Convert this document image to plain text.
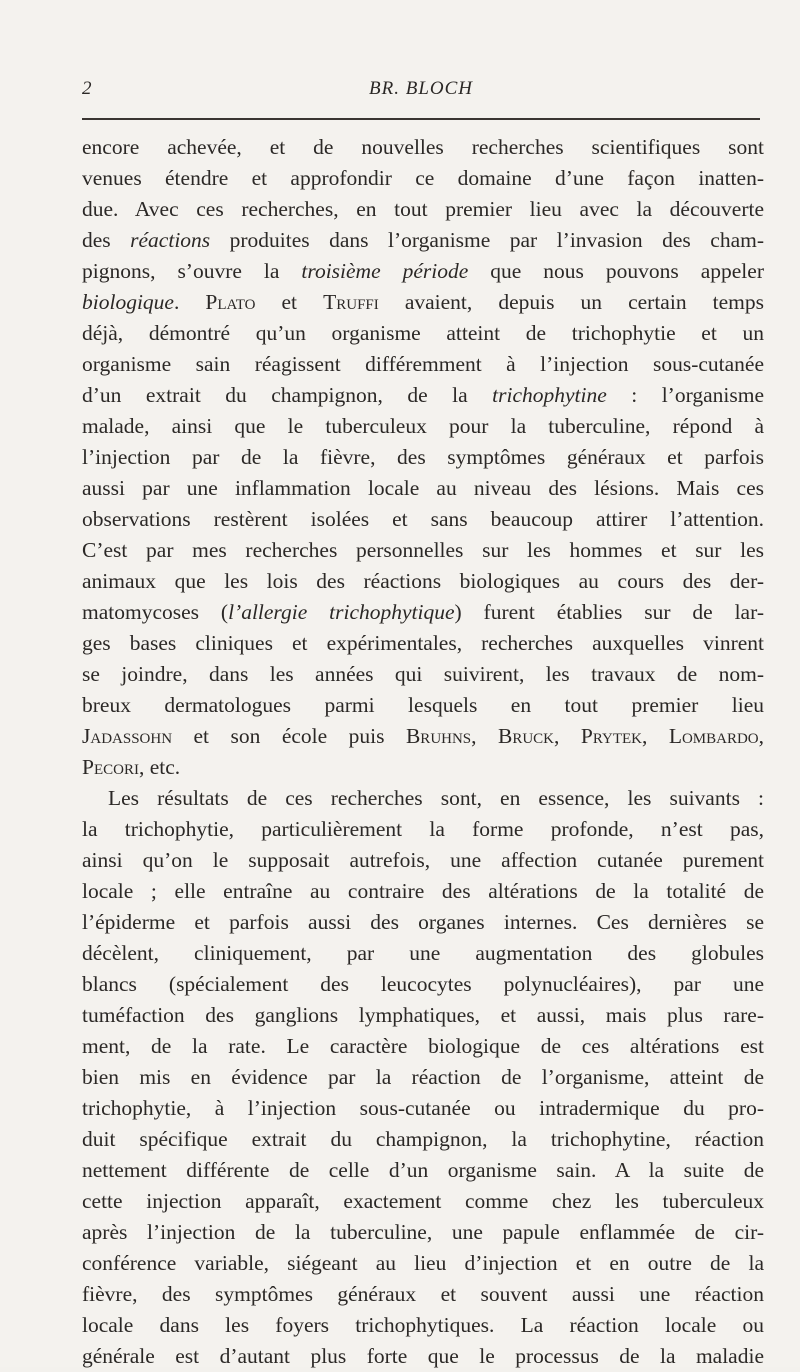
2	BR. BLOCH
encore achevée, et de nouvelles recherches scientifiques sont
venues étendre et approfondir ce domaine d’une façon inatten-
due. Avec ces recherches, en tout premier lieu avec la découverte
des réactions produites dans l’organisme par l’invasion des cham-
pignons, s’ouvre la troisième période que nous pouvons appeler
biologique. Plato et Truffi avaient, depuis un certain temps
déjà, démontré qu’un organisme atteint de trichophytie et un
organisme sain réagissent différemment à l’injection sous-cutanée
d’un extrait du champignon, de la trichophytine : l’organisme
malade, ainsi que le tuberculeux pour la tuberculine, répond à
l’injection par de la fièvre, des symptômes généraux et parfois
aussi par une inflammation locale au niveau des lésions. Mais ces
observations restèrent isolées et sans beaucoup attirer l’attention.
C’est par mes recherches personnelles sur les hommes et sur les
animaux que les lois des réactions biologiques au cours des der-
matomycoses (l’allergie trichophytique) furent établies sur de lar-
ges bases cliniques et expérimentales, recherches auxquelles vinrent
se joindre, dans les années qui suivirent, les travaux de nom-
breux dermatologues parmi lesquels en tout premier lieu
Jadassohn et son école puis Bruhns, Bruck, Prytek, Lombardo,
Pecori, etc.
Les résultats de ces recherches sont, en essence, les suivants :
la trichophytie, particulièrement la forme profonde, n’est pas,
ainsi qu’on le supposait autrefois, une affection cutanée purement
locale ; elle entraîne au contraire des altérations de la totalité de
l’épiderme et parfois aussi des organes internes. Ces dernières se
décèlent, cliniquement, par une augmentation des globules
blancs (spécialement des leucocytes polynucléaires), par une
tuméfaction des ganglions lymphatiques, et aussi, mais plus rare-
ment, de la rate. Le caractère biologique de ces altérations est
bien mis en évidence par la réaction de l’organisme, atteint de
trichophytie, à l’injection sous-cutanée ou intradermique du pro-
duit spécifique extrait du champignon, la trichophytine, réaction
nettement différente de celle d’un organisme sain. A la suite de
cette injection apparaît, exactement comme chez les tuberculeux
après l’injection de la tuberculine, une papule enflammée de cir-
conférence variable, siégeant au lieu d’injection et en outre de la
fièvre, des symptômes généraux et souvent aussi une réaction
locale dans les foyers trichophytiques. La réaction locale ou
générale est d’autant plus forte que le processus de la maladie
